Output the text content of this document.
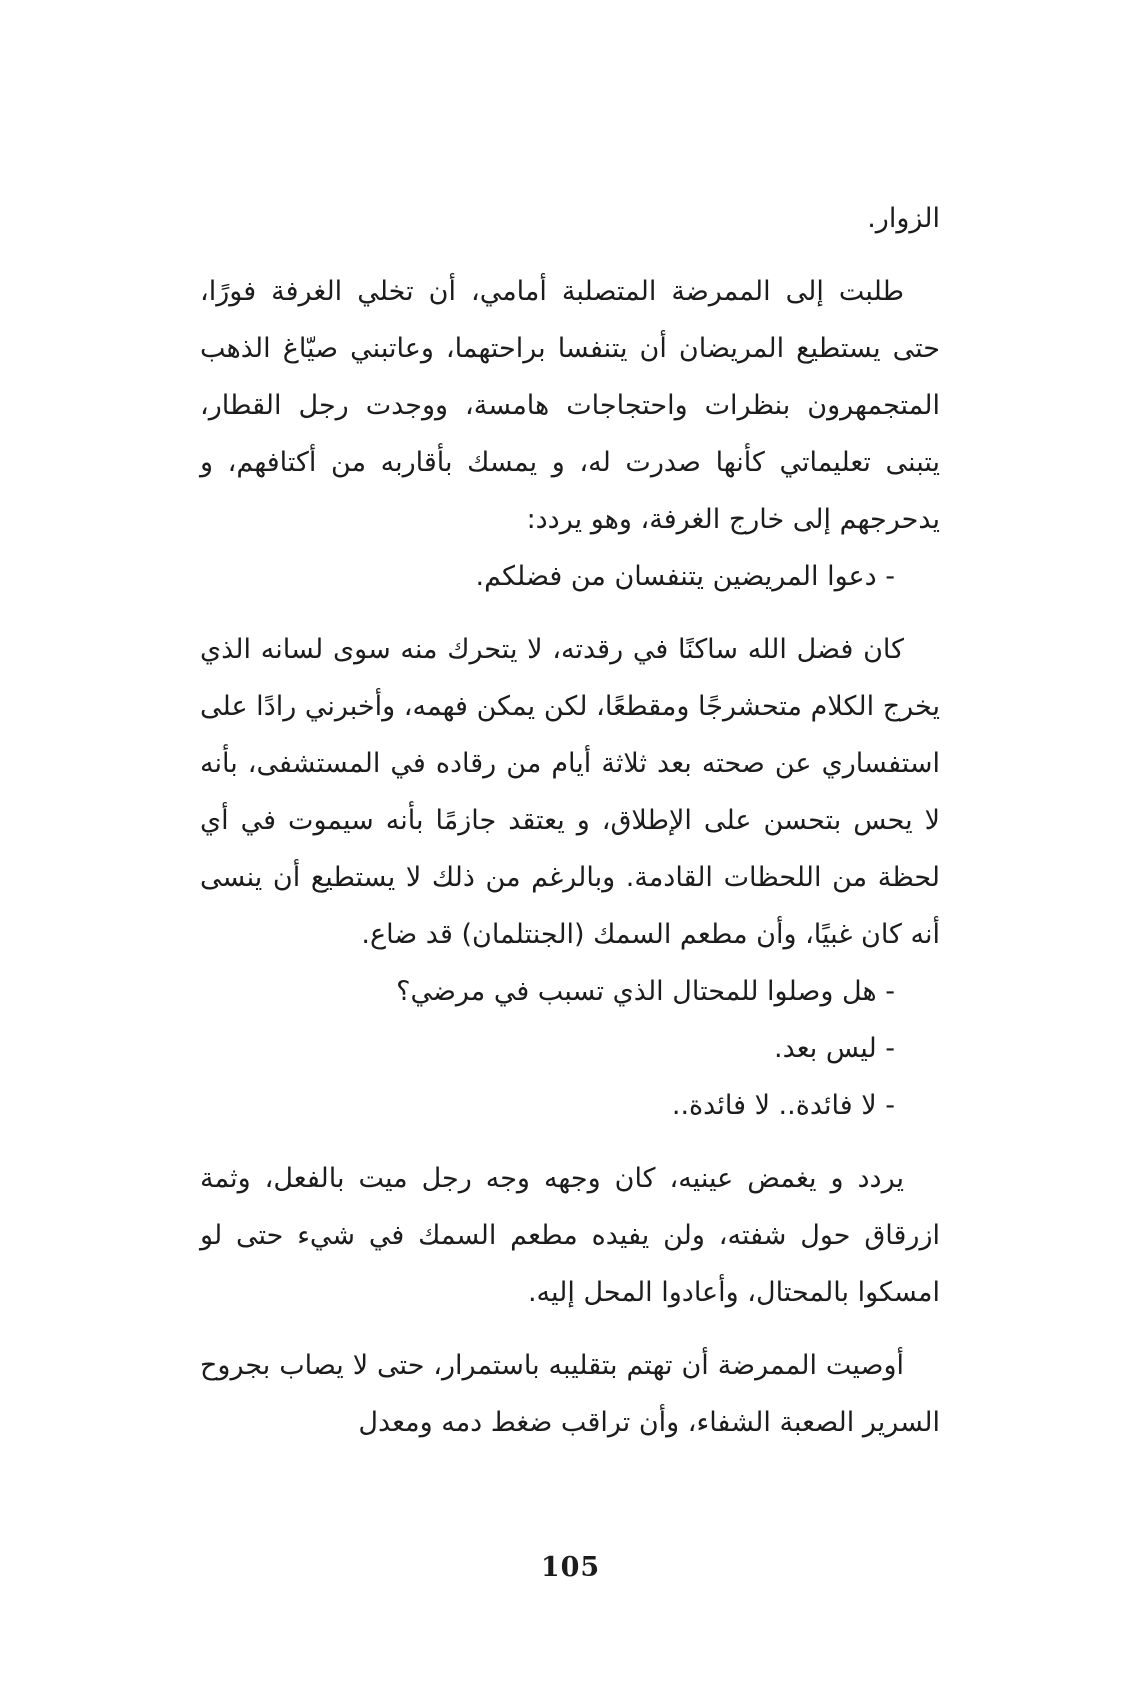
الزوار.

طلبت إلى الممرضة المتصلبة أمامي، أن تخلي الغرفة فورًا، حتى يستطيع المريضان أن يتنفسا براحتهما، وعاتبني صيّاغ الذهب المتجمهرون بنظرات واحتجاجات هامسة، ووجدت رجل القطار، يتبنى تعليماتي كأنها صدرت له، و يمسك بأقاربه من أكتافهم، و يدحرجهم إلى خارج الغرفة، وهو يردد:

- دعوا المريضين يتنفسان من فضلكم.

كان فضل الله ساكنًا في رقدته، لا يتحرك منه سوى لسانه الذي يخرج الكلام متحشرجًا ومقطعًا، لكن يمكن فهمه، وأخبرني رادًا على استفساري عن صحته بعد ثلاثة أيام من رقاده في المستشفى، بأنه لا يحس بتحسن على الإطلاق، و يعتقد جازمًا بأنه سيموت في أي لحظة من اللحظات القادمة. وبالرغم من ذلك لا يستطيع أن ينسى أنه كان غبيًا، وأن مطعم السمك (الجنتلمان) قد ضاع.

- هل وصلوا للمحتال الذي تسبب في مرضي؟

- ليس بعد.

- لا فائدة.. لا فائدة..

يردد و يغمض عينيه، كان وجهه وجه رجل ميت بالفعل، وثمة ازرقاق حول شفته، ولن يفيده مطعم السمك في شيء حتى لو امسكوا بالمحتال، وأعادوا المحل إليه.

أوصيت الممرضة أن تهتم بتقليبه باستمرار، حتى لا يصاب بجروح السرير الصعبة الشفاء، وأن تراقب ضغط دمه ومعدل

105
